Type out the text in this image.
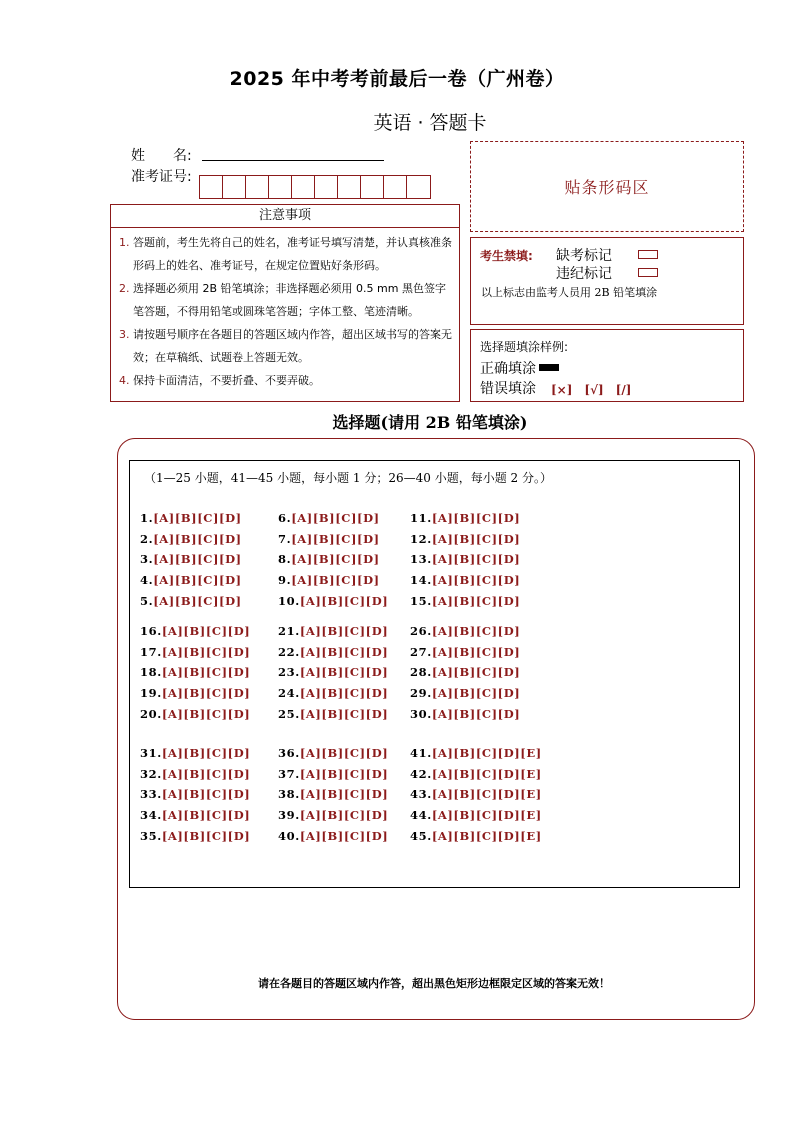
2025 年中考考前最后一卷（广州卷）
英语 · 答题卡
姓　　名:
准考证号:
贴条形码区
注意事项
1. 答题前，考生先将自己的姓名，准考证号填写清楚，并认真核准条形码上的姓名、准考证号，在规定位置贴好条形码。
2. 选择题必须用 2B 铅笔填涂；非选择题必须用 0.5 mm 黑色签字笔答题，不得用铅笔或圆珠笔答题；字体工整、笔迹清晰。
3. 请按题号顺序在各题目的答题区域内作答，超出区域书写的答案无效；在草稿纸、试题卷上答题无效。
4. 保持卡面清洁，不要折叠、不要弄破。
考生禁填: 缺考标记
违纪标记
以上标志由监考人员用 2B 铅笔填涂
选择题填涂样例:
正确填涂
错误填涂 [×]　[√]　[/]
选择题(请用 2B 铅笔填涂)
（1—25 小题，41—45 小题，每小题 1 分；26—40 小题，每小题 2 分。）
1.[A][B][C][D]	6.[A][B][C][D]	11.[A][B][C][D]
2.[A][B][C][D]	7.[A][B][C][D]	12.[A][B][C][D]
3.[A][B][C][D]	8.[A][B][C][D]	13.[A][B][C][D]
4.[A][B][C][D]	9.[A][B][C][D]	14.[A][B][C][D]
5.[A][B][C][D]	10.[A][B][C][D] 15.[A][B][C][D]
16.[A][B][C][D] 21.[A][B][C][D] 26.[A][B][C][D]
17.[A][B][C][D] 22.[A][B][C][D] 27.[A][B][C][D]
18.[A][B][C][D] 23.[A][B][C][D] 28.[A][B][C][D]
19.[A][B][C][D] 24.[A][B][C][D] 29.[A][B][C][D]
20.[A][B][C][D] 25.[A][B][C][D] 30.[A][B][C][D]
31.[A][B][C][D] 36.[A][B][C][D] 41.[A][B][C][D][E]
32.[A][B][C][D] 37.[A][B][C][D] 42.[A][B][C][D][E]
33.[A][B][C][D] 38.[A][B][C][D] 43.[A][B][C][D][E]
34.[A][B][C][D] 39.[A][B][C][D] 44.[A][B][C][D][E]
35.[A][B][C][D] 40.[A][B][C][D] 45.[A][B][C][D][E]
请在各题目的答题区域内作答，超出黑色矩形边框限定区域的答案无效！
